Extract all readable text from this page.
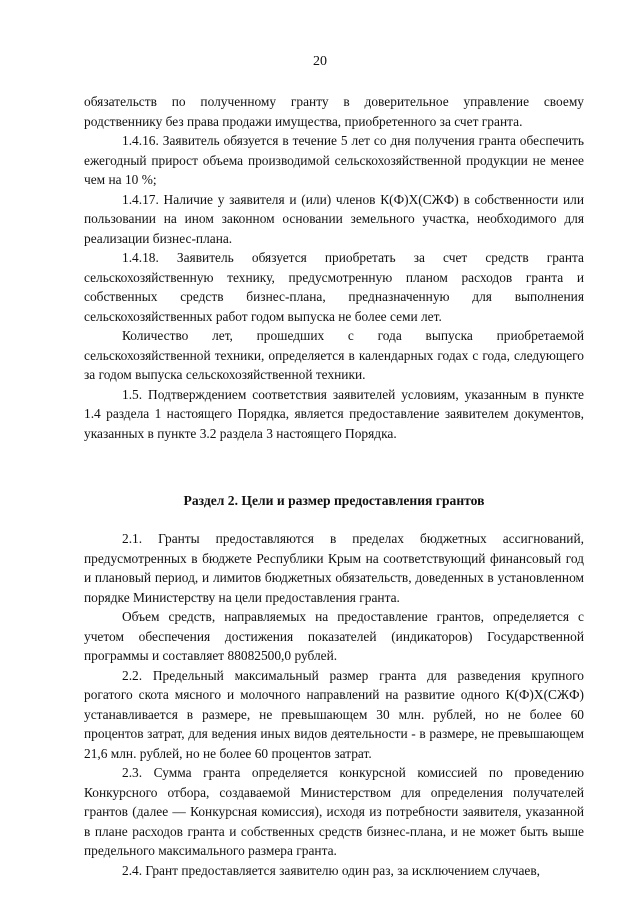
20

обязательств по полученному гранту в доверительное управление своему родственнику без права продажи имущества, приобретенного за счет гранта.

1.4.16. Заявитель обязуется в течение 5 лет со дня получения гранта обеспечить ежегодный прирост объема производимой сельскохозяйственной продукции не менее чем на 10 %;

1.4.17. Наличие у заявителя и (или) членов К(Ф)Х(СЖФ) в собственности или пользовании на ином законном основании земельного участка, необходимого для реализации бизнес-плана.

1.4.18. Заявитель обязуется приобретать за счет средств гранта сельскохозяйственную технику, предусмотренную планом расходов гранта и собственных средств бизнес-плана, предназначенную для выполнения сельскохозяйственных работ годом выпуска не более семи лет.

Количество лет, прошедших с года выпуска приобретаемой сельскохозяйственной техники, определяется в календарных годах с года, следующего за годом выпуска сельскохозяйственной техники.

1.5. Подтверждением соответствия заявителей условиям, указанным в пункте 1.4 раздела 1 настоящего Порядка, является предоставление заявителем документов, указанных в пункте 3.2 раздела 3 настоящего Порядка.

Раздел 2. Цели и размер предоставления грантов

2.1. Гранты предоставляются в пределах бюджетных ассигнований, предусмотренных в бюджете Республики Крым на соответствующий финансовый год и плановый период, и лимитов бюджетных обязательств, доведенных в установленном порядке Министерству на цели предоставления гранта.

Объем средств, направляемых на предоставление грантов, определяется с учетом обеспечения достижения показателей (индикаторов) Государственной программы и составляет 88082500,0 рублей.

2.2. Предельный максимальный размер гранта для разведения крупного рогатого скота мясного и молочного направлений на развитие одного К(Ф)Х(СЖФ) устанавливается в размере, не превышающем 30 млн. рублей, но не более 60 процентов затрат, для ведения иных видов деятельности - в размере, не превышающем 21,6 млн. рублей, но не более 60 процентов затрат.

2.3. Сумма гранта определяется конкурсной комиссией по проведению Конкурсного отбора, создаваемой Министерством для определения получателей грантов (далее — Конкурсная комиссия), исходя из потребности заявителя, указанной в плане расходов гранта и собственных средств бизнес-плана, и не может быть выше предельного максимального размера гранта.

2.4. Грант предоставляется заявителю один раз, за исключением случаев,
